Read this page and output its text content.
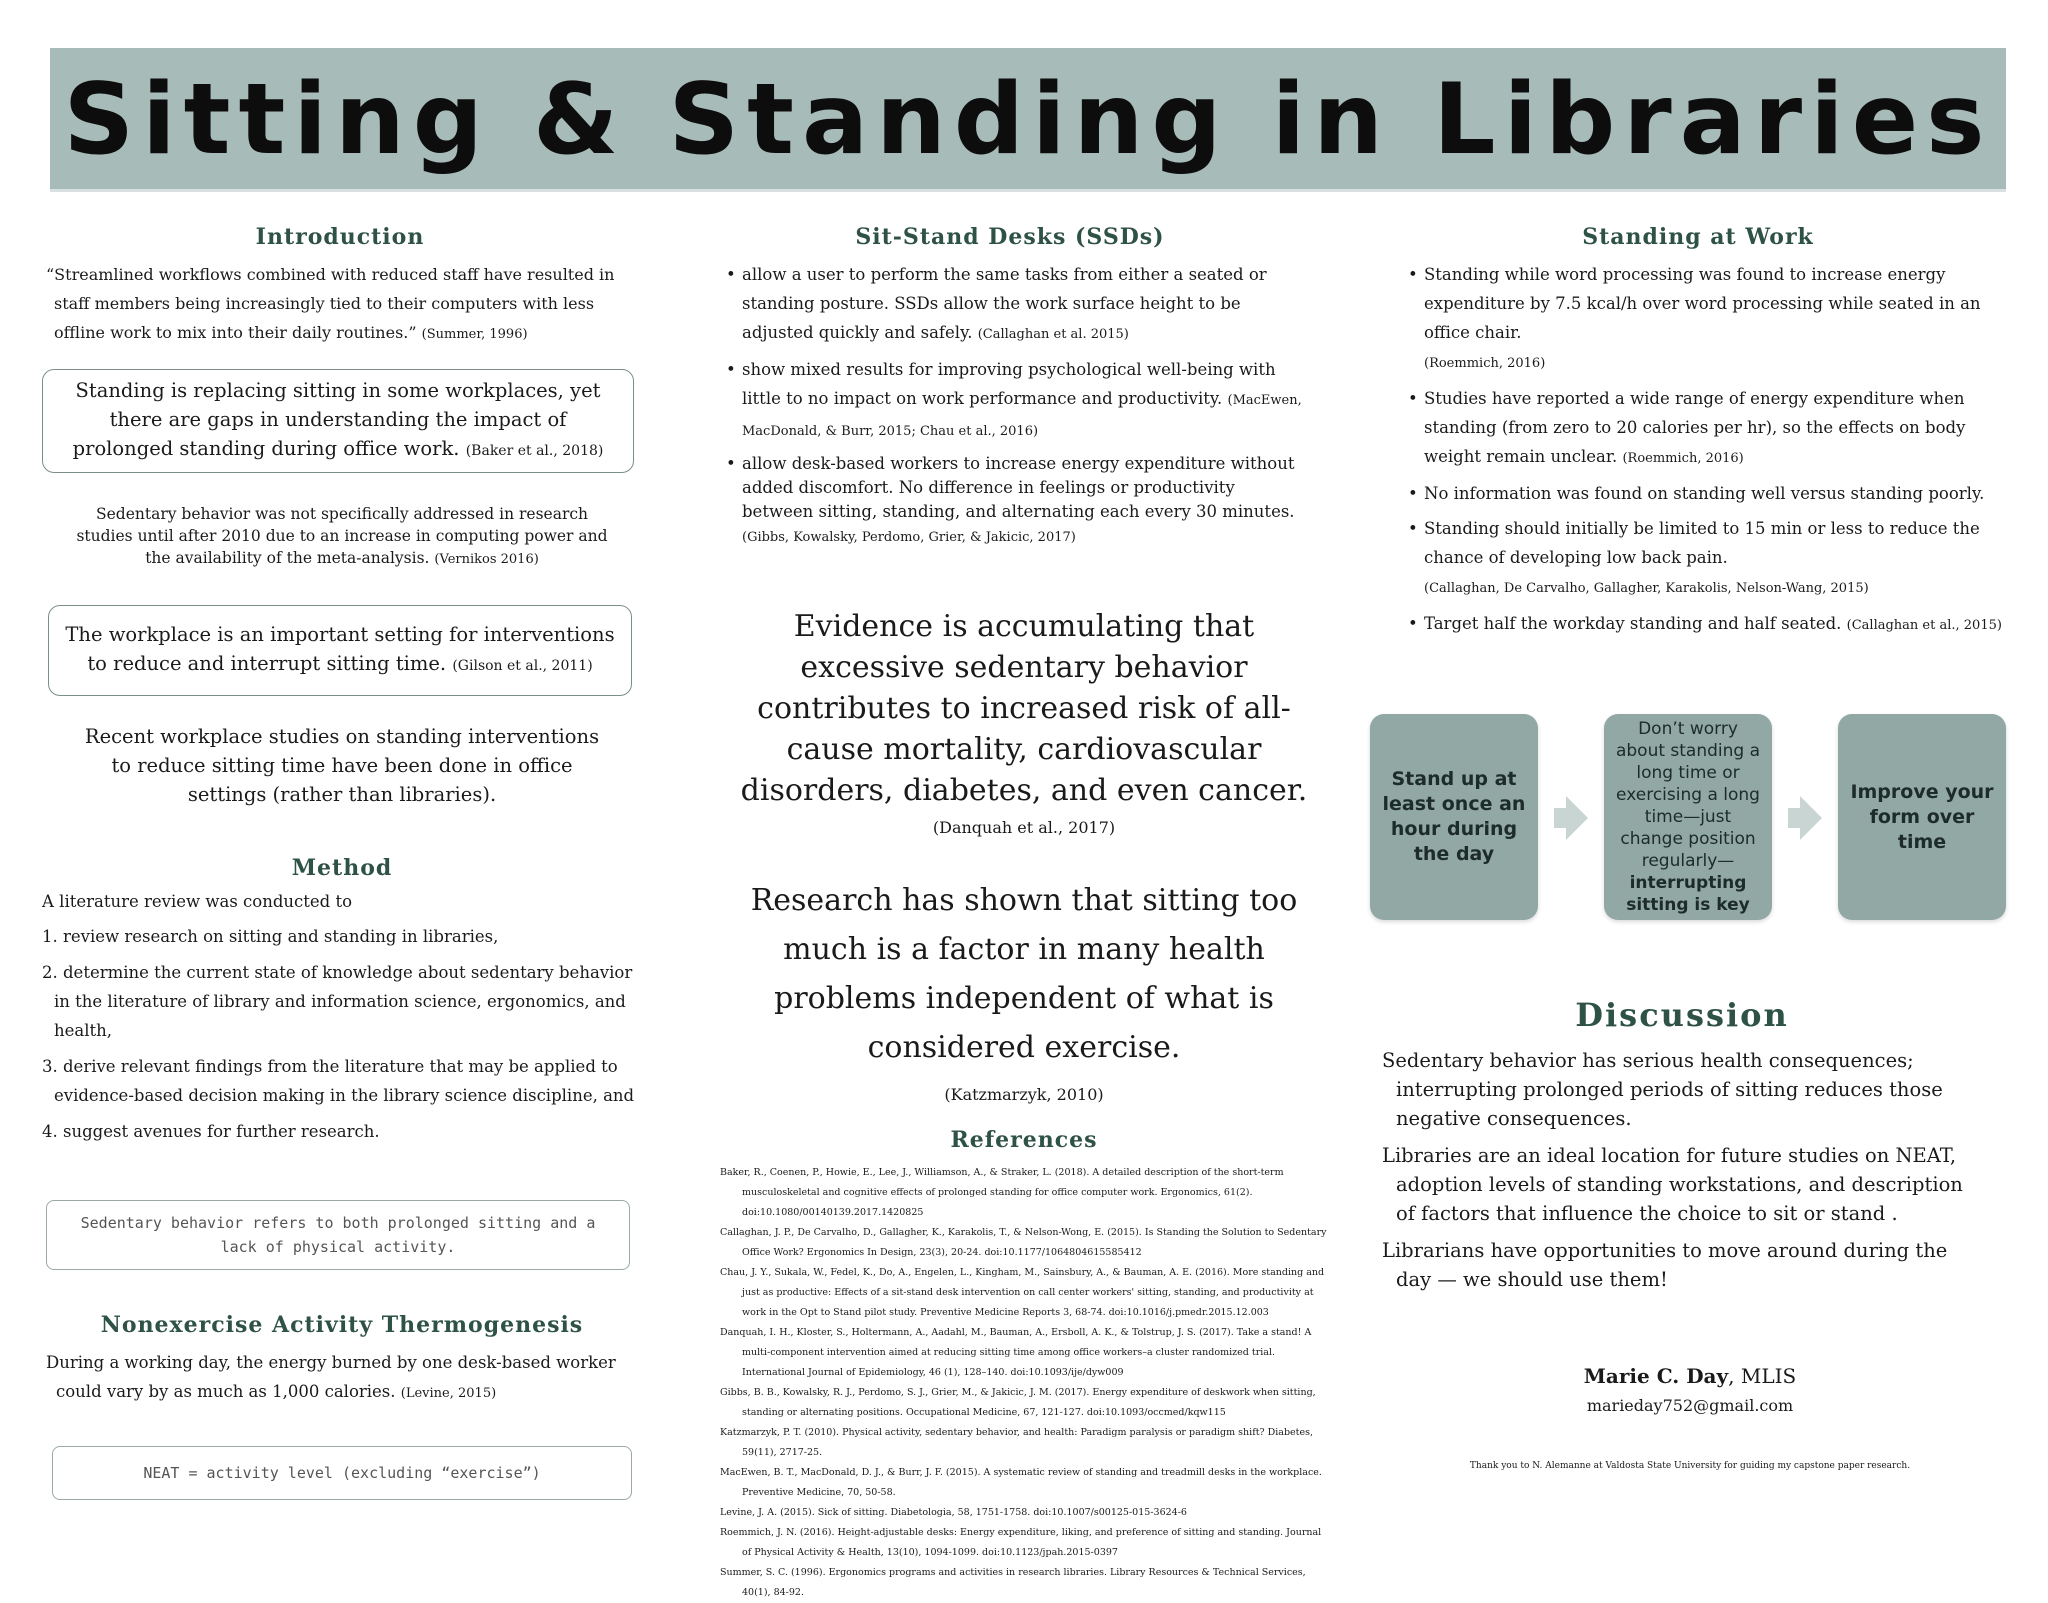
Sitting & Standing in Libraries
Introduction

“Streamlined workflows combined with reduced staff have resulted in staff members being increasingly tied to their computers with less offline work to mix into their daily routines.” (Summer, 1996)

Standing is replacing sitting in some workplaces, yet there are gaps in understanding the impact of prolonged standing during office work. (Baker et al., 2018)

Sedentary behavior was not specifically addressed in research studies until after 2010 due to an increase in computing power and the availability of the meta-analysis. (Vernikos 2016)

The workplace is an important setting for interventions to reduce and interrupt sitting time. (Gilson et al., 2011)

Recent workplace studies on standing interventions to reduce sitting time have been done in office settings (rather than libraries).

Method

A literature review was conducted to

1. review research on sitting and standing in libraries,
2. determine the current state of knowledge about sedentary behavior in the literature of library and information science, ergonomics, and health,
3. derive relevant findings from the literature that may be applied to evidence-based decision making in the library science discipline, and
4. suggest avenues for further research.
Sedentary behavior refers to both prolonged sitting and a lack of physical activity.
Nonexercise Activity Thermogenesis

During a working day, the energy burned by one desk-based worker could vary by as much as 1,000 calories. (Levine, 2015)

NEAT = activity level (excluding “exercise”)
Sit-Stand Desks (SSDs)
• allow a user to perform the same tasks from either a seated or standing posture. SSDs allow the work surface height to be adjusted quickly and safely. (Callaghan et al. 2015)
• show mixed results for improving psychological well-being with little to no impact on work performance and productivity. (MacEwen, MacDonald, & Burr, 2015; Chau et al., 2016)
• allow desk-based workers to increase energy expenditure without added discomfort. No difference in feelings or productivity between sitting, standing, and alternating each every 30 minutes. (Gibbs, Kowalsky, Perdomo, Grier, & Jakicic, 2017)

Evidence is accumulating that excessive sedentary behavior contributes to increased risk of all-cause mortality, cardiovascular disorders, diabetes, and even cancer.

(Danquah et al., 2017)

Research has shown that sitting too much is a factor in many health problems independent of what is considered exercise.

(Katzmarzyk, 2010)

References

Baker, R., Coenen, P., Howie, E., Lee, J., Williamson, A., & Straker, L. (2018). A detailed description of the short-term musculoskeletal and cognitive effects of prolonged standing for office computer work. Ergonomics, 61(2). doi:10.1080/00140139.2017.1420825

Callaghan, J. P., De Carvalho, D., Gallagher, K., Karakolis, T., & Nelson-Wong, E. (2015). Is Standing the Solution to Sedentary Office Work? Ergonomics In Design, 23(3), 20-24. doi:10.1177/1064804615585412

Chau, J. Y., Sukala, W., Fedel, K., Do, A., Engelen, L., Kingham, M., Sainsbury, A., & Bauman, A. E. (2016). More standing and just as productive: Effects of a sit-stand desk intervention on call center workers' sitting, standing, and productivity at work in the Opt to Stand pilot study. Preventive Medicine Reports 3, 68-74. doi:10.1016/j.pmedr.2015.12.003

Danquah, I. H., Kloster, S., Holtermann, A., Aadahl, M., Bauman, A., Ersboll, A. K., & Tolstrup, J. S. (2017). Take a stand! A multi-component intervention aimed at reducing sitting time among office workers–a cluster randomized trial. International Journal of Epidemiology, 46 (1), 128–140. doi:10.1093/ije/dyw009

Gibbs, B. B., Kowalsky, R. J., Perdomo, S. J., Grier, M., & Jakicic, J. M. (2017). Energy expenditure of deskwork when sitting, standing or alternating positions. Occupational Medicine, 67, 121-127. doi:10.1093/occmed/kqw115

Katzmarzyk, P. T. (2010). Physical activity, sedentary behavior, and health: Paradigm paralysis or paradigm shift? Diabetes, 59(11), 2717-25.

MacEwen, B. T., MacDonald, D. J., & Burr, J. F. (2015). A systematic review of standing and treadmill desks in the workplace. Preventive Medicine, 70, 50-58.

Levine, J. A. (2015). Sick of sitting. Diabetologia, 58, 1751-1758. doi:10.1007/s00125-015-3624-6

Roemmich, J. N. (2016). Height-adjustable desks: Energy expenditure, liking, and preference of sitting and standing. Journal of Physical Activity & Health, 13(10), 1094-1099. doi:10.1123/jpah.2015-0397

Summer, S. C. (1996). Ergonomics programs and activities in research libraries. Library Resources & Technical Services, 40(1), 84-92.

Standing at Work
• Standing while word processing was found to increase energy expenditure by 7.5 kcal/h over word processing while seated in an office chair.
(Roemmich, 2016)
• Studies have reported a wide range of energy expenditure when standing (from zero to 20 calories per hr), so the effects on body weight remain unclear. (Roemmich, 2016)
• No information was found on standing well versus standing poorly.
• Standing should initially be limited to 15 min or less to reduce the chance of developing low back pain.
(Callaghan, De Carvalho, Gallagher, Karakolis, Nelson-Wang, 2015)
• Target half the workday standing and half seated. (Callaghan et al., 2015)
Stand up at least once an hour during the day
Don’t worry about standing a long time or exercising a long time—just change position regularly— interrupting sitting is key
Improve your form over time
Discussion

Sedentary behavior has serious health consequences; interrupting prolonged periods of sitting reduces those negative consequences.

Libraries are an ideal location for future studies on NEAT, adoption levels of standing workstations, and description of factors that influence the choice to sit or stand .

Librarians have opportunities to move around during the day — we should use them!

Marie C. Day, MLIS

marieday752@gmail.com

Thank you to N. Alemanne at Valdosta State University for guiding my capstone paper research.
